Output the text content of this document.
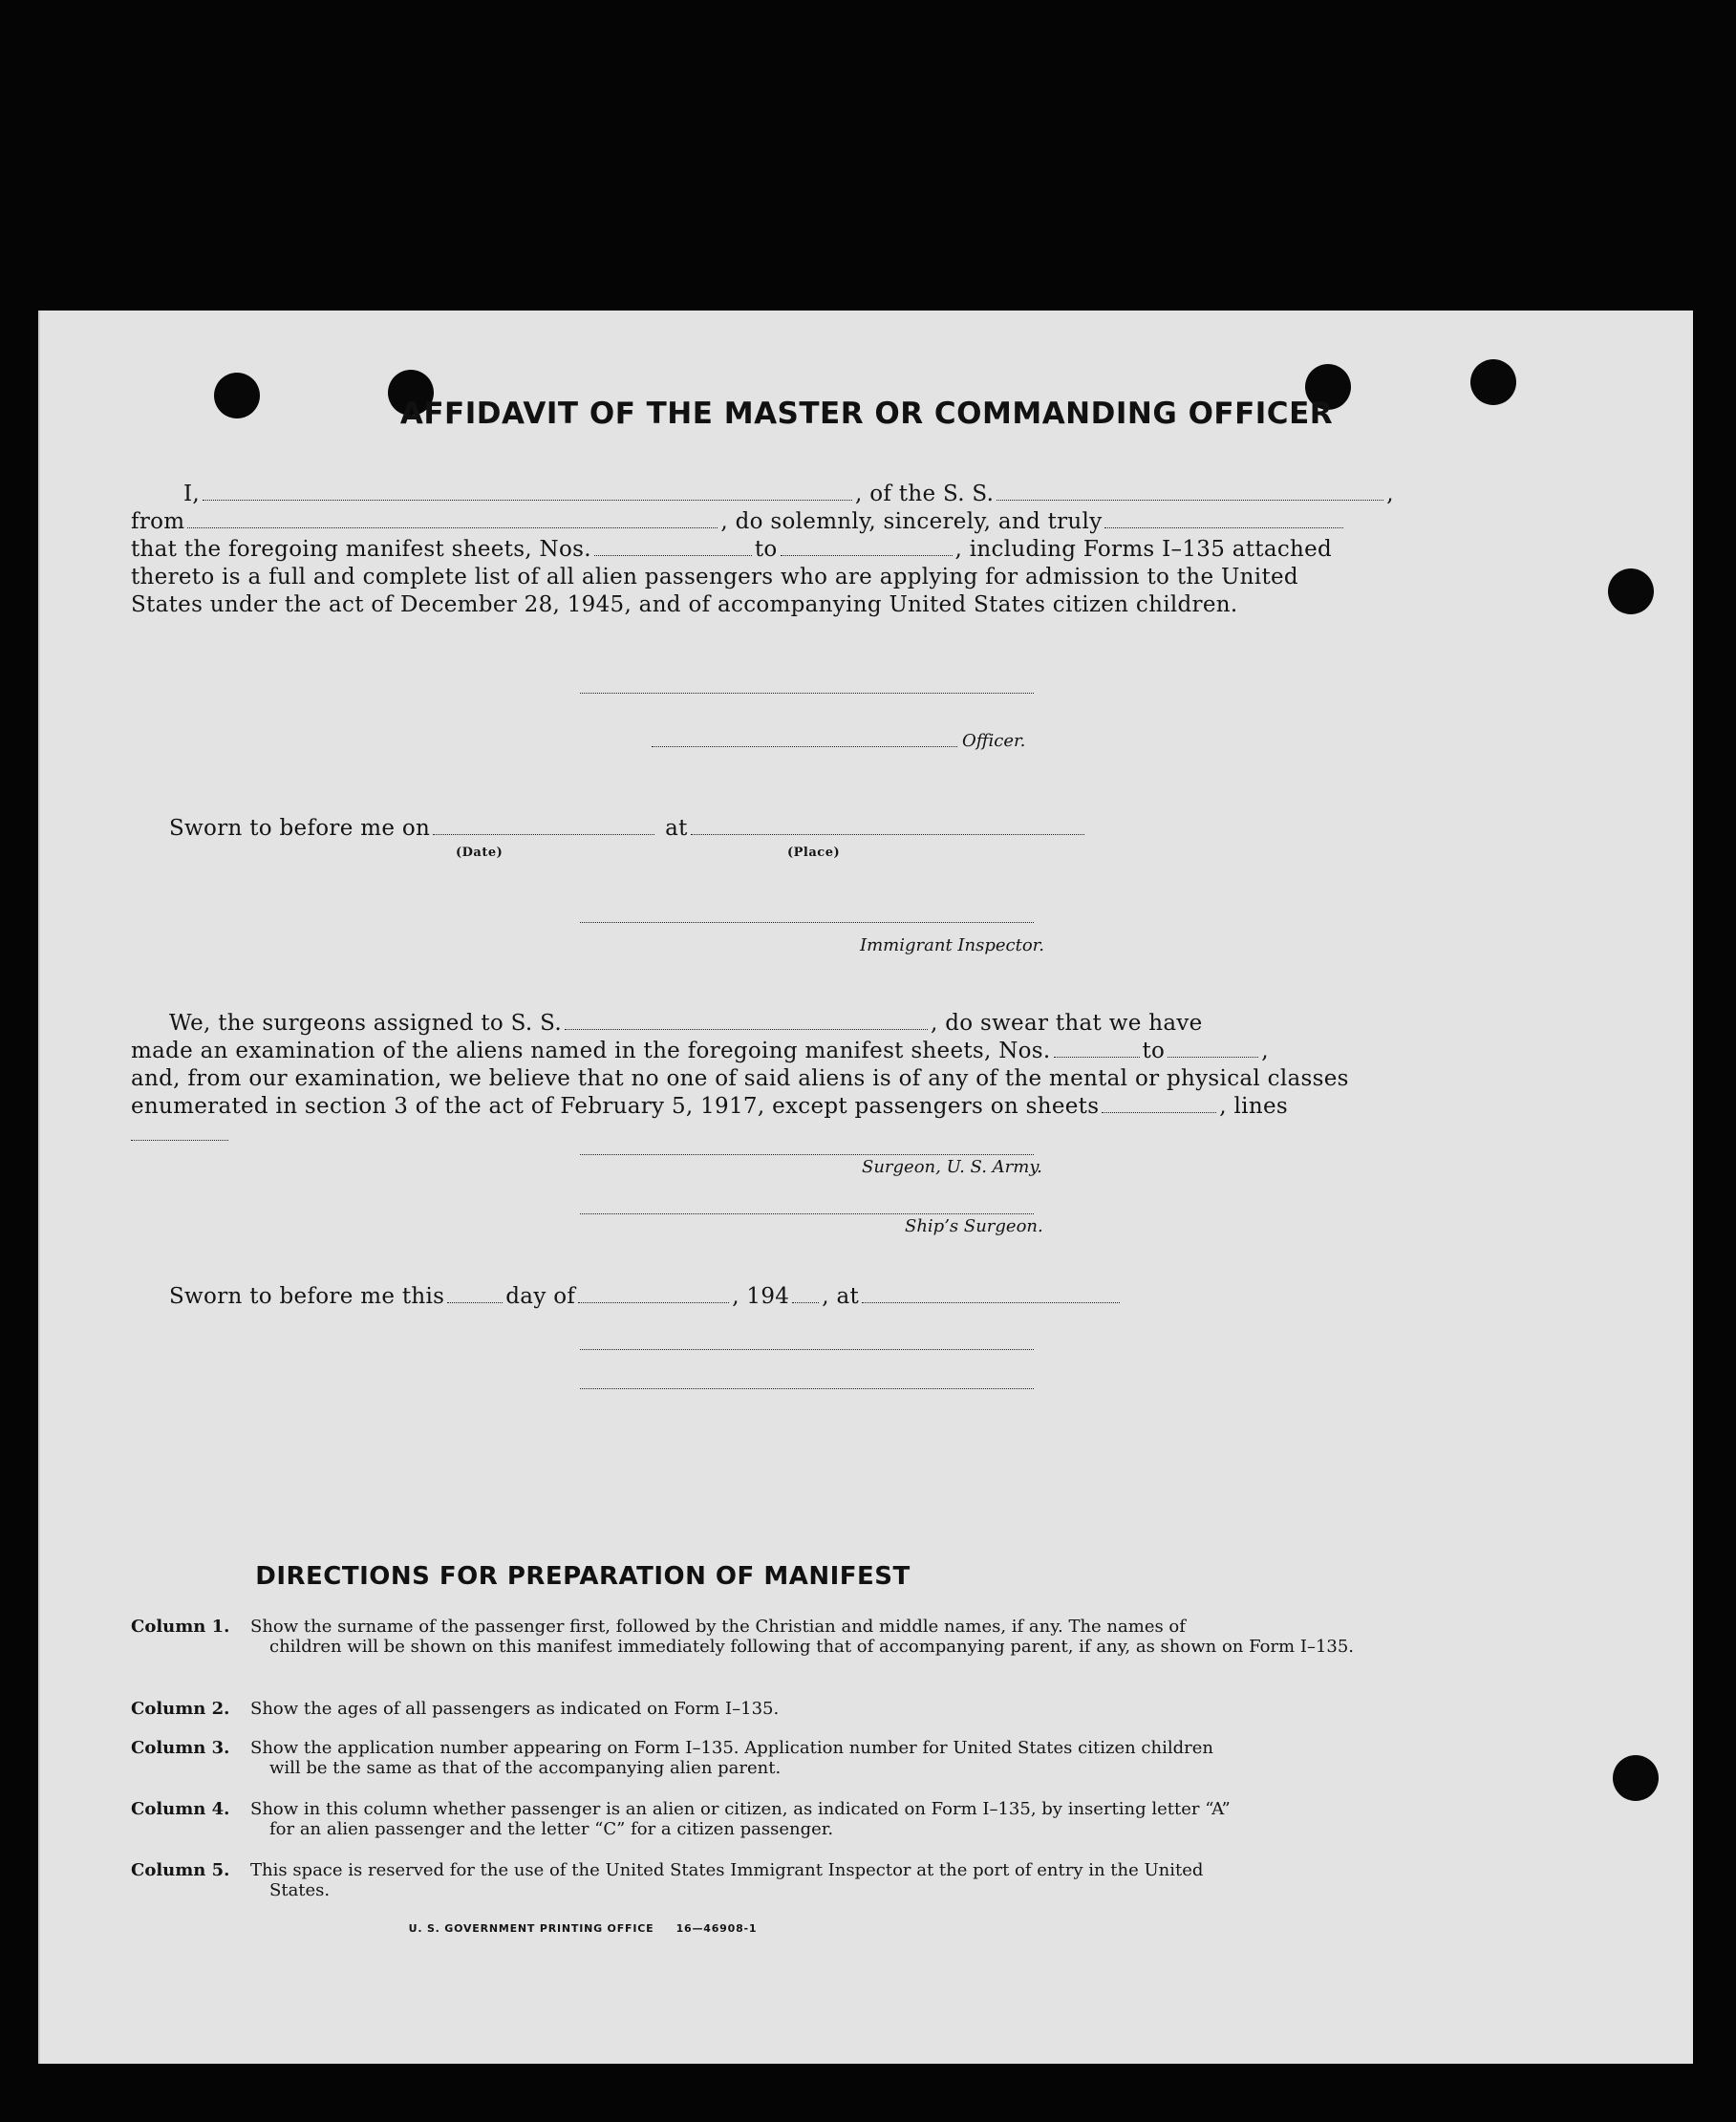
AFFIDAVIT OF THE MASTER OR COMMANDING OFFICER
I,	, of the S. S.	,
from	, do solemnly, sincerely, and truly
that the foregoing manifest sheets, Nos.	to	, including Forms I–135 attached
thereto is a full and complete list of all alien passengers who are applying for admission to the United
States under the act of December 28, 1945, and of accompanying United States citizen children.
Officer.
Sworn to before me on	at
(Date)	(Place)
Immigrant Inspector.
We, the surgeons assigned to S. S.	, do swear that we have
made an examination of the aliens named in the foregoing manifest sheets, Nos.	to	,
and, from our examination, we believe that no one of said aliens is of any of the mental or physical classes
enumerated in section 3 of the act of February 5, 1917, except passengers on sheets	, lines
Surgeon, U. S. Army.
Ship’s Surgeon.
Sworn to before me this	day of	, 194 , at
DIRECTIONS FOR PREPARATION OF MANIFEST
Column 1.	Show the surname of the passenger first, followed by the Christian and middle names, if any. The names of
children will be shown on this manifest immediately following that of accompanying parent, if any, as shown on Form I–135.
Column 2.	Show the ages of all passengers as indicated on Form I–135.
Column 3.	Show the application number appearing on Form I–135. Application number for United States citizen children
will be the same as that of the accompanying alien parent.
Column 4.	Show in this column whether passenger is an alien or citizen, as indicated on Form I–135, by inserting letter “A”
for an alien passenger and the letter “C” for a citizen passenger.
Column 5.	This space is reserved for the use of the United States Immigrant Inspector at the port of entry in the United
States.
U. S. GOVERNMENT PRINTING OFFICE     16—46908-1
